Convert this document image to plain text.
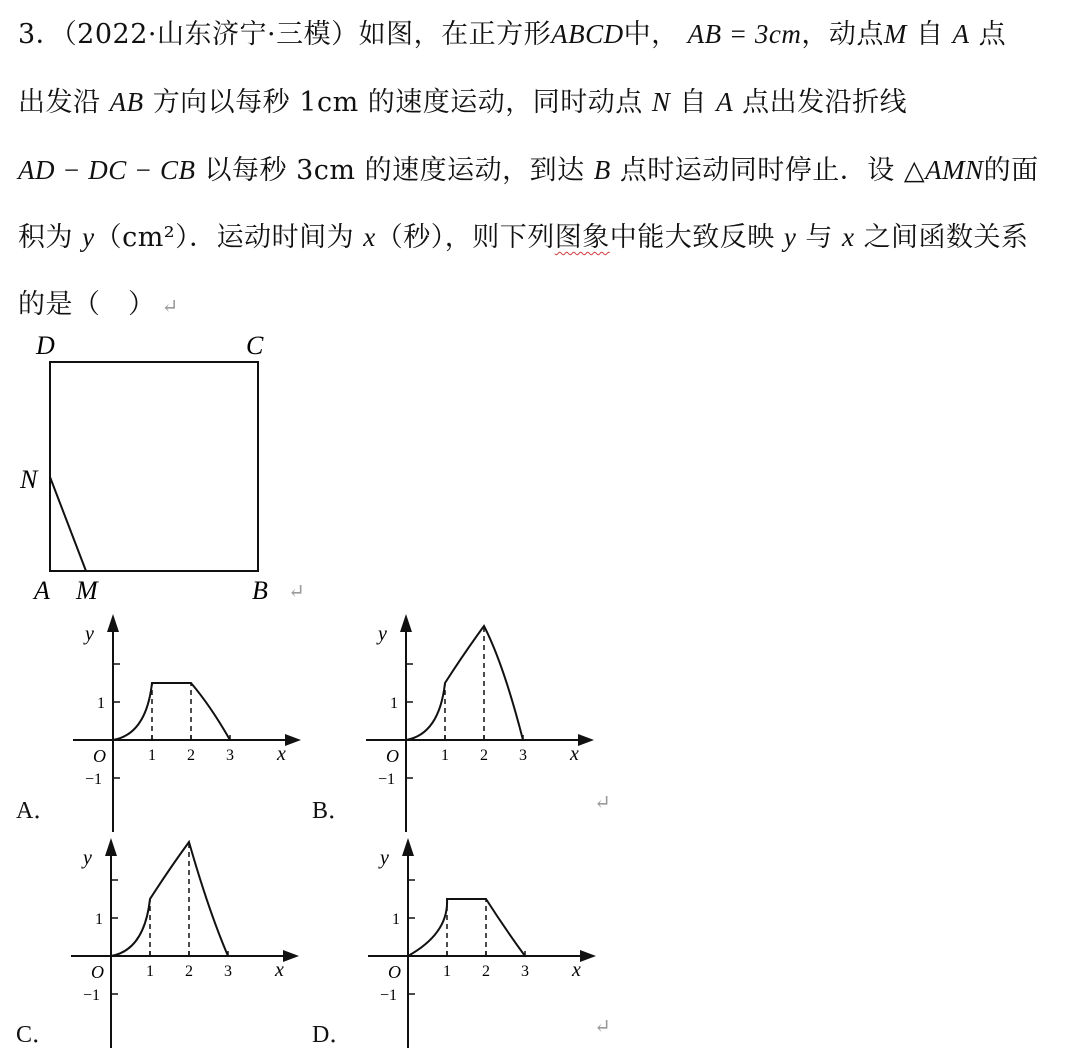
3．（2022·山东济宁·三模）如图，在正方形ABCD中， AB = 3cm，动点M 自 A 点
出发沿 AB 方向以每秒 1cm 的速度运动，同时动点 N 自 A 点出发沿折线
AD − DC − CB 以每秒 3cm 的速度运动，到达 B 点时运动同时停止．设 △AMN的面
积为 y（cm²）．运动时间为 x（秒），则下列图象中能大致反映 y 与 x 之间函数关系
的是（　） ↵
D	C
N
A M	B ↵
1 2 3
y
x
O
1
−1
1 2 3
y
x
O
1
−1
1 2 3
y
x
O
1
−1
1 2 3
y
x
O
1
−1
A．	B．
C．	D．
↵
↵
